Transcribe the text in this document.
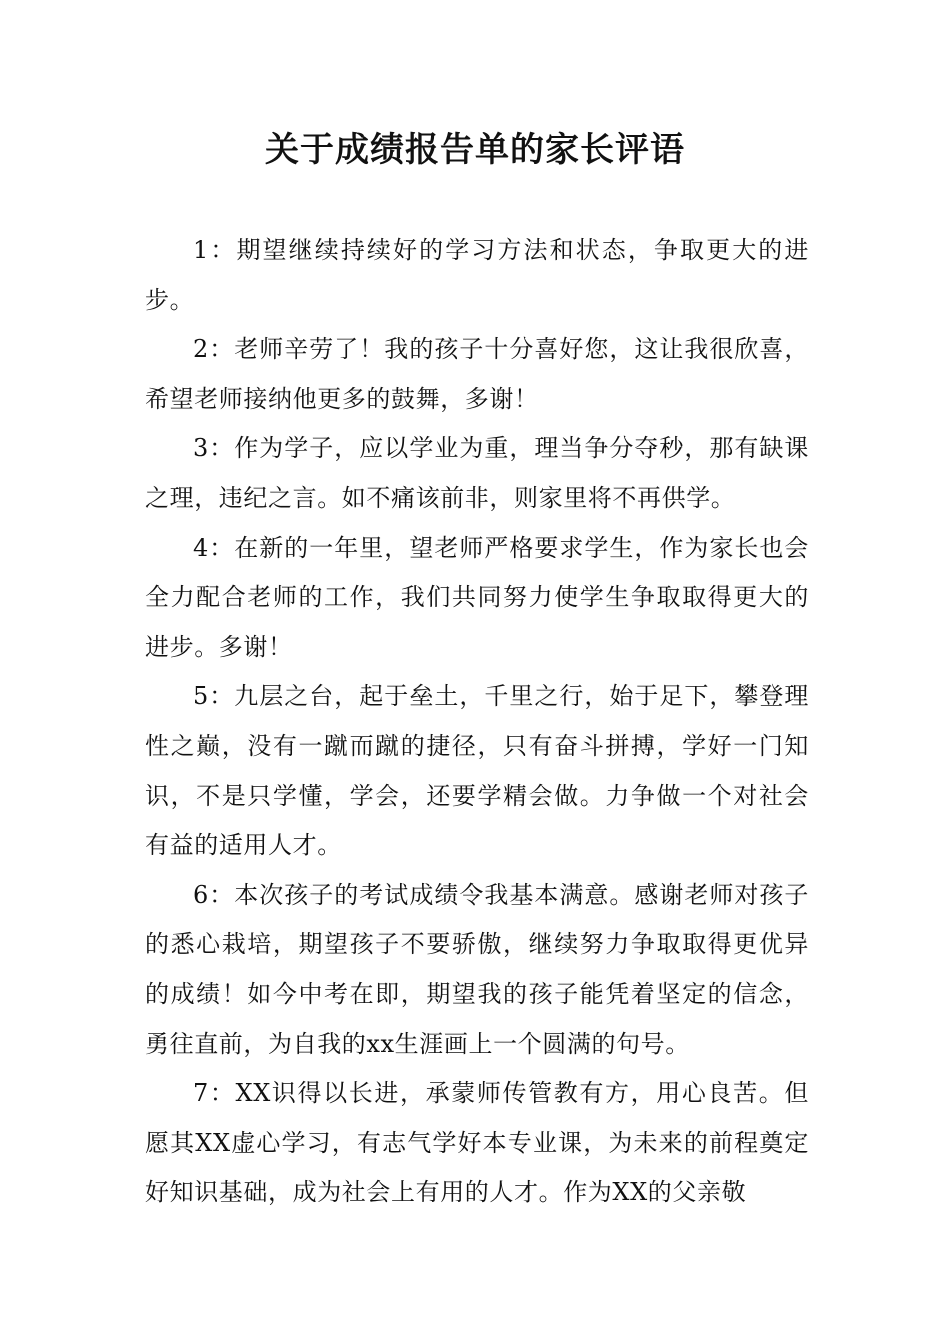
关于成绩报告单的家长评语

1：期望继续持续好的学习方法和状态，争取更大的进步。

2：老师辛劳了！我的孩子十分喜好您，这让我很欣喜，希望老师接纳他更多的鼓舞，多谢！

3：作为学子，应以学业为重，理当争分夺秒，那有缺课之理，违纪之言。如不痛该前非，则家里将不再供学。

4：在新的一年里，望老师严格要求学生，作为家长也会全力配合老师的工作，我们共同努力使学生争取取得更大的进步。多谢！

5：九层之台，起于垒土，千里之行，始于足下，攀登理性之巅，没有一蹴而蹴的捷径，只有奋斗拼搏，学好一门知识，不是只学懂，学会，还要学精会做。力争做一个对社会有益的适用人才。

6：本次孩子的考试成绩令我基本满意。感谢老师对孩子的悉心栽培，期望孩子不要骄傲，继续努力争取取得更优异的成绩！如今中考在即，期望我的孩子能凭着坚定的信念，勇往直前，为自我的xx生涯画上一个圆满的句号。

7：XX识得以长进，承蒙师传管教有方，用心良苦。但愿其XX虚心学习，有志气学好本专业课，为未来的前程奠定好知识基础，成为社会上有用的人才。作为XX的父亲敬
